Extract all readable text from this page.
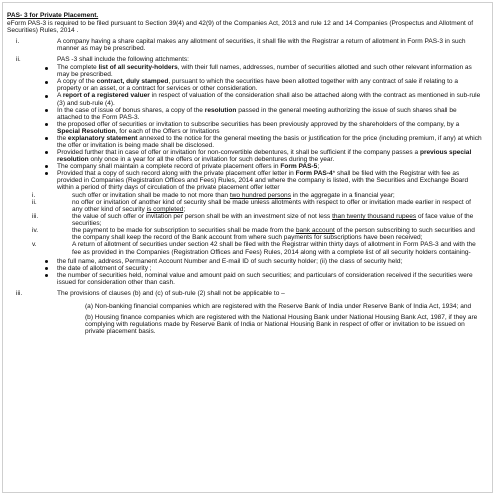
PAS- 3 for Private Placement.

eForm PAS-3 is required to be filed pursuant to Section 39(4) and 42(9) of the Companies Act, 2013 and rule 12 and 14 Companies (Prospectus and Allotment of Securities) Rules, 2014 .

i.	A company having a share capital makes any allotment of securities, it shall file with the Registrar a return of allotment in Form PAS-3 in such manner as may be prescribed.
ii.	PAS -3 shall include the following attchments:
The complete list of all security-holders, with their full names, addresses, number of securities allotted and such other relevant information as may be prescribed.
A copy of the contract, duly stamped, pursuant to which the securities have been allotted together with any contract of sale if relating to a property or an asset, or a contract for services or other consideration.
A report of a registered valuer in respect of valuation of the consideration shall also be attached along with the contract as mentioned in sub-rule (3) and sub-rule (4).
In the case of issue of bonus shares, a copy of the resolution passed in the general meeting authorizing the issue of such shares shall be attached to the Form PAS-3.
the proposed offer of securities or invitation to subscribe securities has been previously approved by the shareholders of the company, by a Special Resolution, for each of the Offers or Invitations
the explanatory statement annexed to the notice for the general meeting the basis or justification for the price (including premium, if any) at which the offer or invitation is being made shall be disclosed.
Provided further that in case of offer or invitation for non-convertible debentures, it shall be sufficient if the company passes a previous special resolution only once in a year for all the offers or invitation for such debentures during the year.
The company shall maintain a complete record of private placement offers in Form PAS-5;
Provided that a copy of such record along with the private placement offer letter in Form PAS-4* shall be filed with the Registrar with fee as provided in Companies (Registration Offices and Fees) Rules, 2014 and where the company is listed, with the Securities and Exchange Board within a period of thirty days of circulation of the private placement offer letter
i.	such offer or invitation shall be made to not more than two hundred persons in the aggregate in a financial year;
ii.	no offer or invitation of another kind of security shall be made unless allotments with respect to offer or invitation made earlier in respect of any other kind of security is completed;
iii.	the value of such offer or invitation per person shall be with an investment size of not less than twenty thousand rupees of face value of the securities;
iv.	the payment to be made for subscription to securities shall be made from the bank account of the person subscribing to such securities and the company shall keep the record of the Bank account from where such payments for subscriptions have been received;
v.	A return of allotment of securities under section 42 shall be filed with the Registrar within thirty days of allotment in Form PAS-3 and with the fee as provided in the Companies (Registration Offices and Fees) Rules, 2014 along with a complete list of all security holders containing-
the full name, address, Permanent Account Number and E-mail ID of such security holder; (ii) the class of security held;
the date of allotment of security ;
the number of securities held, nominal value and amount paid on such securities; and particulars of consideration received if the securities were issued for consideration other than cash.
iii.	The provisions of clauses (b) and (c) of sub-rule (2) shall not be applicable to –

(a) Non-banking financial companies which are registered with the Reserve Bank of India under Reserve Bank of India Act, 1934; and

(b) Housing finance companies which are registered with the National Housing Bank under National Housing Bank Act, 1987, if they are complying with regulations made by Reserve Bank of India or National Housing Bank in respect of offer or invitation to be issued on private placement basis.
